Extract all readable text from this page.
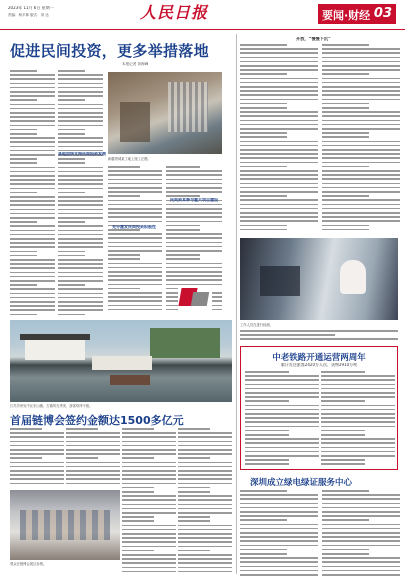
2023年 11月 6日 星期一
责编：杨平林 版式：刘 达	人民日报	要闻·财经 03
促进民间投资，更多举措落地
本报记者 刘海峰
各地加快支持民间投资发展
新疆塔城某工地上施工正酣。
充分激发民间投资积极性
民间资本参与重大项目建设
江苏苏州吴中区东山镇，古镇风光秀美、游客络绎不绝。
首届链博会签约金额达1500多亿元
观众在链博会展区参观。
开放，“慢慢下沉”
工作人员在进行检测。
中老铁路开通运营两周年
累计发送旅客2420万人次、货物2910万吨
深圳成立绿电绿证服务中心
